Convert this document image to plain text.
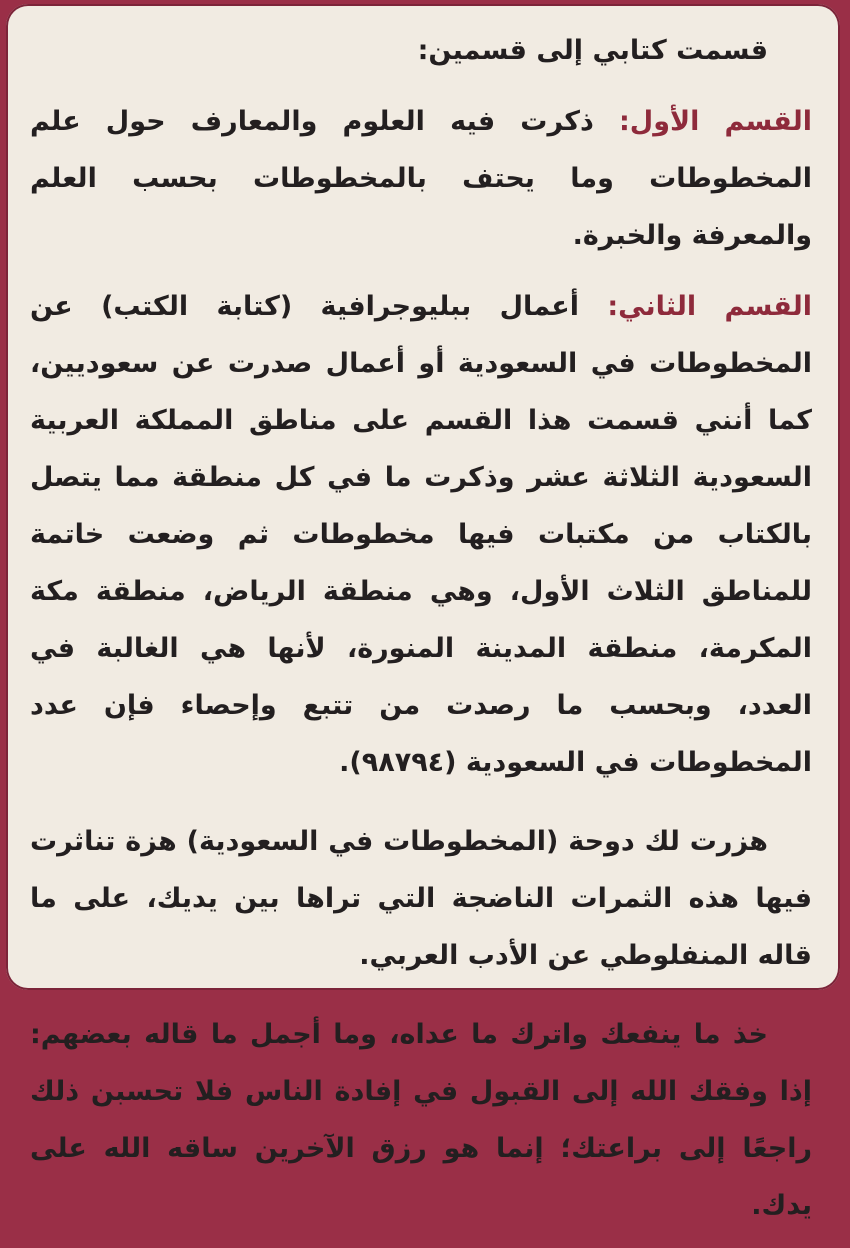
قسمت كتابي إلى قسمين:

القسم الأول: ذكرت فيه العلوم والمعارف حول علم المخطوطات وما يحتف بالمخطوطات بحسب العلم والمعرفة والخبرة.

القسم الثاني: أعمال ببليوجرافية (كتابة الكتب) عن المخطوطات في السعودية أو أعمال صدرت عن سعوديين، كما أنني قسمت هذا القسم على مناطق المملكة العربية السعودية الثلاثة عشر وذكرت ما في كل منطقة مما يتصل بالكتاب من مكتبات فيها مخطوطات ثم وضعت خاتمة للمناطق الثلاث الأول، وهي منطقة الرياض، منطقة مكة المكرمة، منطقة المدينة المنورة، لأنها هي الغالبة في العدد، وبحسب ما رصدت من تتبع وإحصاء فإن عدد المخطوطات في السعودية (٩٨٧٩٤).

هزرت لك دوحة (المخطوطات في السعودية) هزة تناثرت فيها هذه الثمرات الناضجة التي تراها بين يديك، على ما قاله المنفلوطي عن الأدب العربي.

خذ ما ينفعك واترك ما عداه، وما أجمل ما قاله بعضهم: إذا وفقك الله إلى القبول في إفادة الناس فلا تحسبن ذلك راجعًا إلى براعتك؛ إنما هو رزق الآخرين ساقه الله على يدك.
